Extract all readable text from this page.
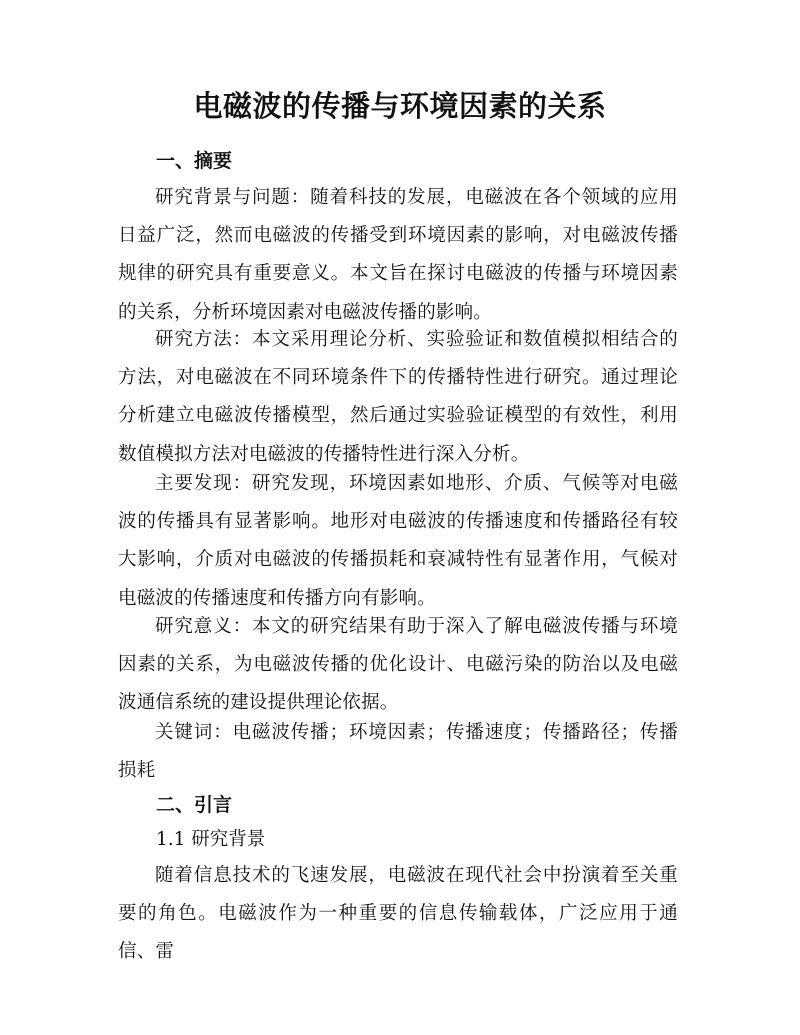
电磁波的传播与环境因素的关系
一、摘要
研究背景与问题：随着科技的发展，电磁波在各个领域的应用日益广泛，然而电磁波的传播受到环境因素的影响，对电磁波传播规律的研究具有重要意义。本文旨在探讨电磁波的传播与环境因素的关系，分析环境因素对电磁波传播的影响。
研究方法：本文采用理论分析、实验验证和数值模拟相结合的方法，对电磁波在不同环境条件下的传播特性进行研究。通过理论分析建立电磁波传播模型，然后通过实验验证模型的有效性，利用数值模拟方法对电磁波的传播特性进行深入分析。
主要发现：研究发现，环境因素如地形、介质、气候等对电磁波的传播具有显著影响。地形对电磁波的传播速度和传播路径有较大影响，介质对电磁波的传播损耗和衰减特性有显著作用，气候对电磁波的传播速度和传播方向有影响。
研究意义：本文的研究结果有助于深入了解电磁波传播与环境因素的关系，为电磁波传播的优化设计、电磁污染的防治以及电磁波通信系统的建设提供理论依据。
关键词：电磁波传播；环境因素；传播速度；传播路径；传播损耗
二、引言
1.1 研究背景
随着信息技术的飞速发展，电磁波在现代社会中扮演着至关重要的角色。电磁波作为一种重要的信息传输载体，广泛应用于通信、雷
